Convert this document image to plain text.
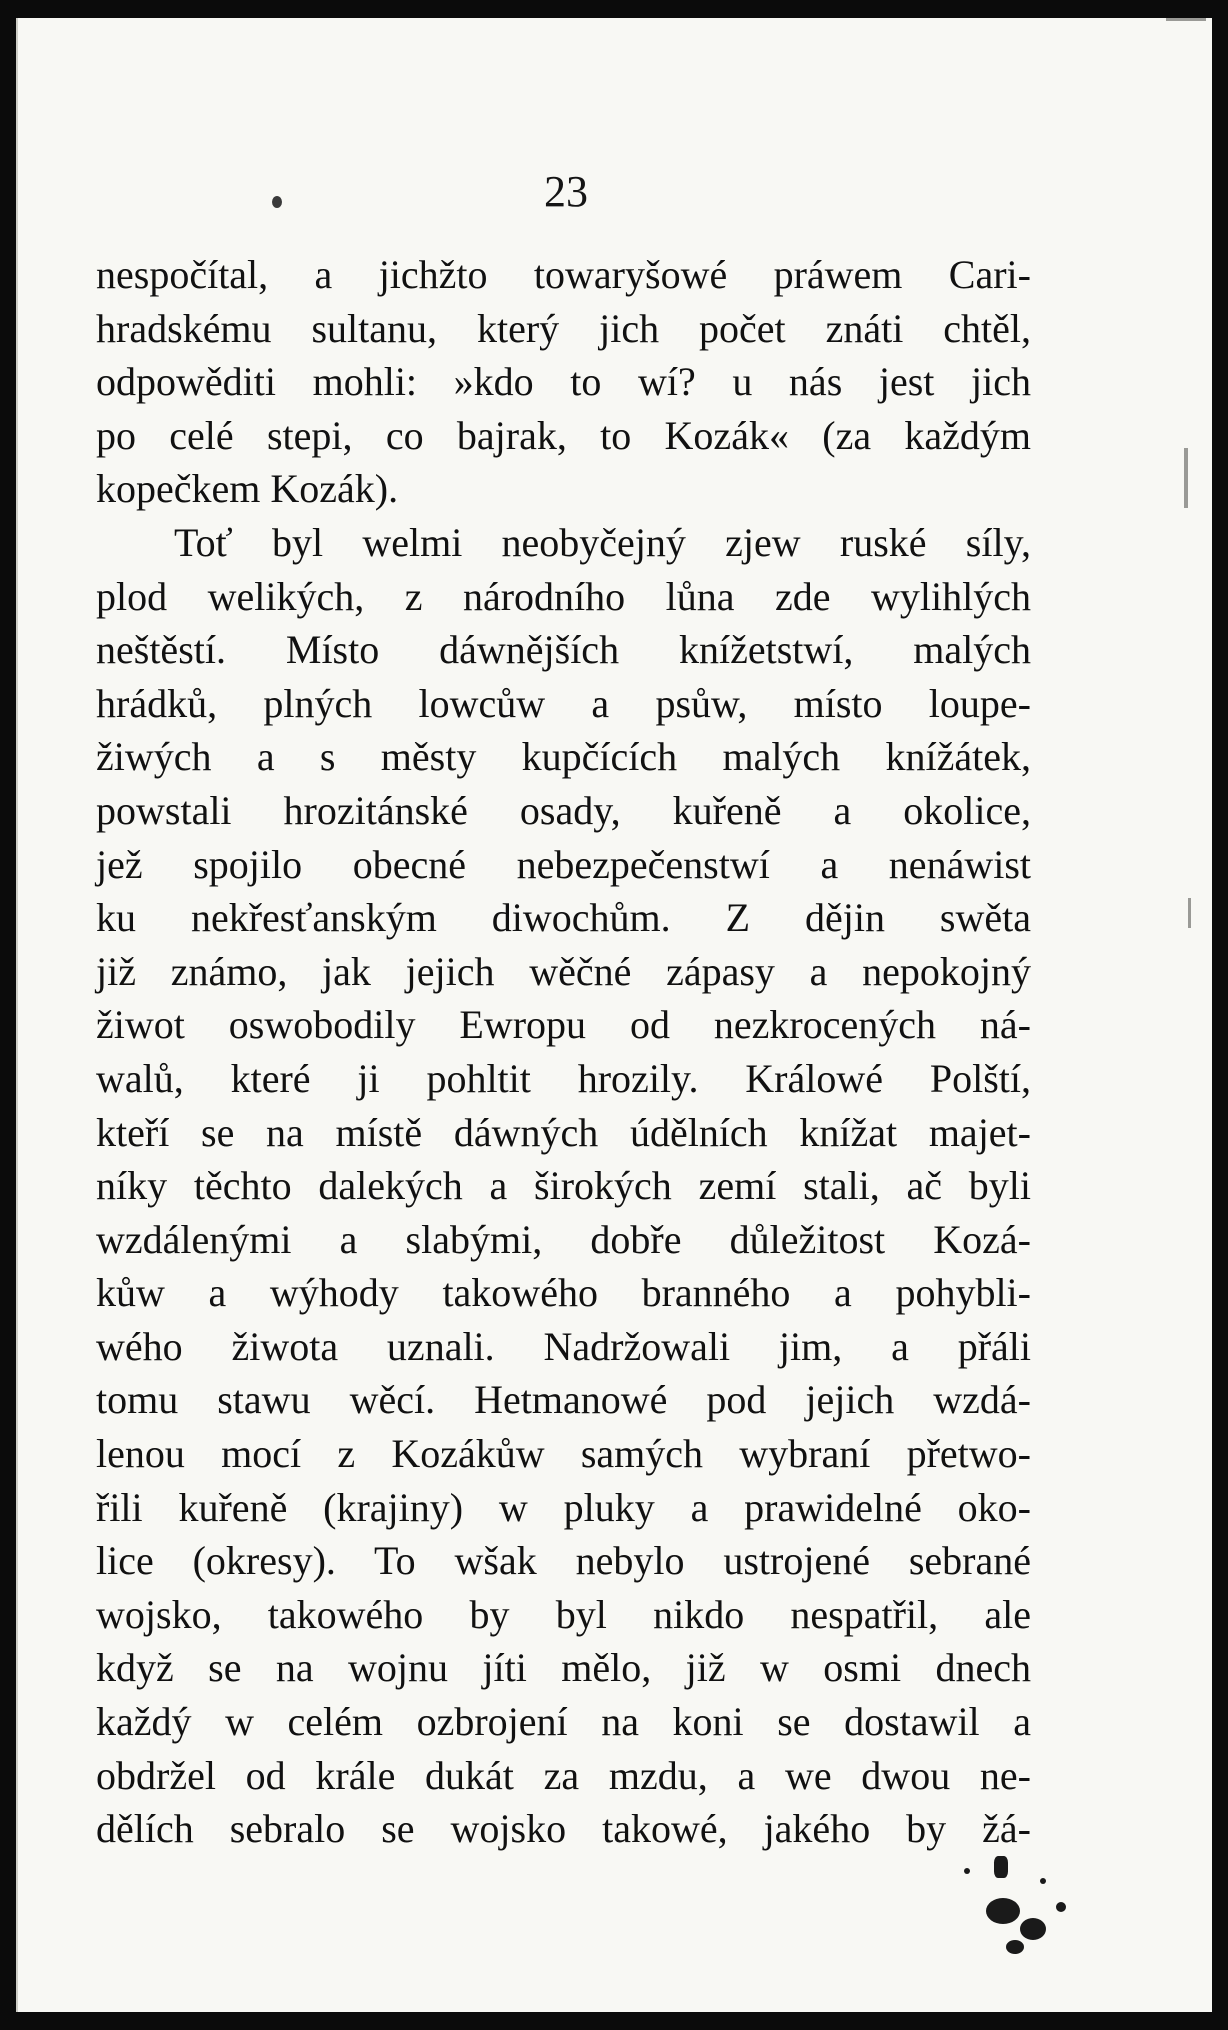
23
nespočítal, a jichžto towaryšowé práwem Cari-
hradskému sultanu, který jich počet znáti chtěl,
odpowěditi mohli: »kdo to wí? u nás jest jich
po celé stepi, co bajrak, to Kozák« (za každým
kopečkem Kozák).
Toť byl welmi neobyčejný zjew ruské síly,
plod welikých, z národního lůna zde wylihlých
neštěstí. Místo dáwnějších knížetstwí, malých
hrádků, plných lowcůw a psůw, místo loupe-
žiwých a s městy kupčících malých knížátek,
powstali hrozitánské osady, kuřeně a okolice,
jež spojilo obecné nebezpečenstwí a nenáwist
ku nekřesťanským diwochům. Z dějin swěta
již známo, jak jejich wěčné zápasy a nepokojný
žiwot oswobodily Ewropu od nezkrocených ná-
walů, které ji pohltit hrozily. Králowé Polští,
kteří se na místě dáwných údělních knížat majet-
níky těchto dalekých a širokých zemí stali, ač byli
wzdálenými a slabými, dobře důležitost Kozá-
kůw a wýhody takowého branného a pohybli-
wého žiwota uznali. Nadržowali jim, a přáli
tomu stawu wěcí. Hetmanowé pod jejich wzdá-
lenou mocí z Kozákůw samých wybraní přetwo-
řili kuřeně (krajiny) w pluky a prawidelné oko-
lice (okresy). To wšak nebylo ustrojené sebrané
wojsko, takowého by byl nikdo nespatřil, ale
když se na wojnu jíti mělo, již w osmi dnech
každý w celém ozbrojení na koni se dostawil a
obdržel od krále dukát za mzdu, a we dwou ne-
dělích sebralo se wojsko takowé, jakého by žá-
